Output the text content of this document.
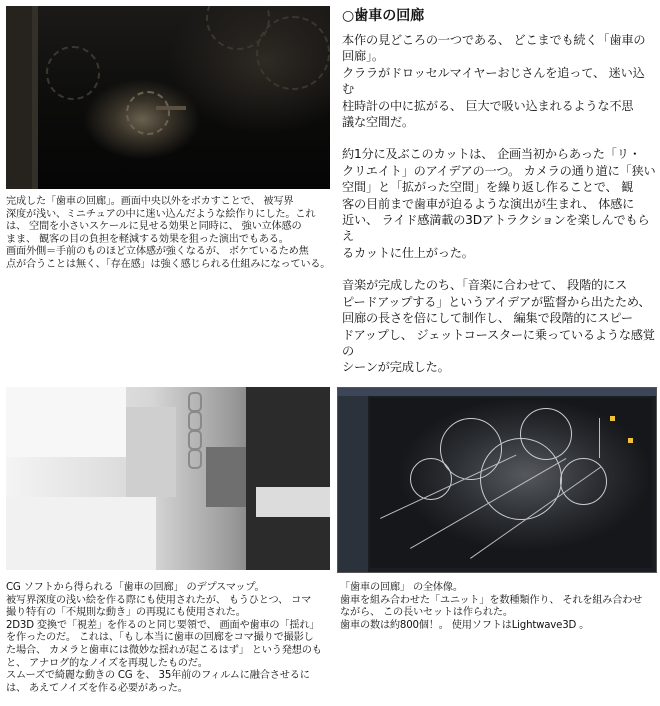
完成した「歯車の回廊」。画面中央以外をボカすことで、 被写界
深度が浅い、ミニチュアの中に迷い込んだような絵作りにした。これ
は、 空間を小さいスケールに見せる効果と同時に、 強い立体感の
まま、 観客の目の負担を軽減する効果を狙った演出でもある。
画面外側＝手前のものほど立体感が強くなるが、 ボケているため焦
点が合うことは無く、｢存在感」は強く感じられる仕組みになっている。
○歯車の回廊
本作の見どころの一つである、 どこまでも続く「歯車の
回廊」。
クララがドロッセルマイヤーおじさんを追って、 迷い込む
柱時計の中に拡がる、 巨大で吸い込まれるような不思
議な空間だ。
約1分に及ぶこのカットは、 企画当初からあった「リ・
クリエイト」のアイデアの一つ。 カメラの通り道に「狭い
空間」と「拡がった空間」を繰り返し作ることで、 観
客の目前まで歯車が迫るような演出が生まれ、 体感に
近い、 ライド感満載の3Dアトラクションを楽しんでもらえ
るカットに仕上がった。
音楽が完成したのち、「音楽に合わせて、 段階的にス
ピードアップする」というアイデアが監督から出たため、
回廊の長さを倍にして制作し、 編集で段階的にスピー
ドアップし、 ジェットコースターに乗っているような感覚の
シーンが完成した。
CG ソフトから得られる「歯車の回廊」 のデプスマップ。
被写界深度の浅い絵を作る際にも使用されたが、 もうひとつ、 コマ
撮り特有の「不規則な動き」の再現にも使用された。
2D3D 変換で「視差」を作るのと同じ要領で、 画面や歯車の「揺れ」
を作ったのだ。 これは、「もし本当に歯車の回廊をコマ撮りで撮影し
た場合、 カメラと歯車には微妙な揺れが起こるはず」 という発想のも
と、 アナログ的なノイズを再現したものだ。
スムーズで綺麗な動きの CG を、 35年前のフィルムに融合させるに
は、 あえてノイズを作る必要があった。
「歯車の回廊」 の全体像。
歯車を組み合わせた「ユニット」を数種類作り、 それを組み合わせ
ながら、 この長いセットは作られた。
歯車の数は約800個！。 使用ソフトはLightwave3D 。
